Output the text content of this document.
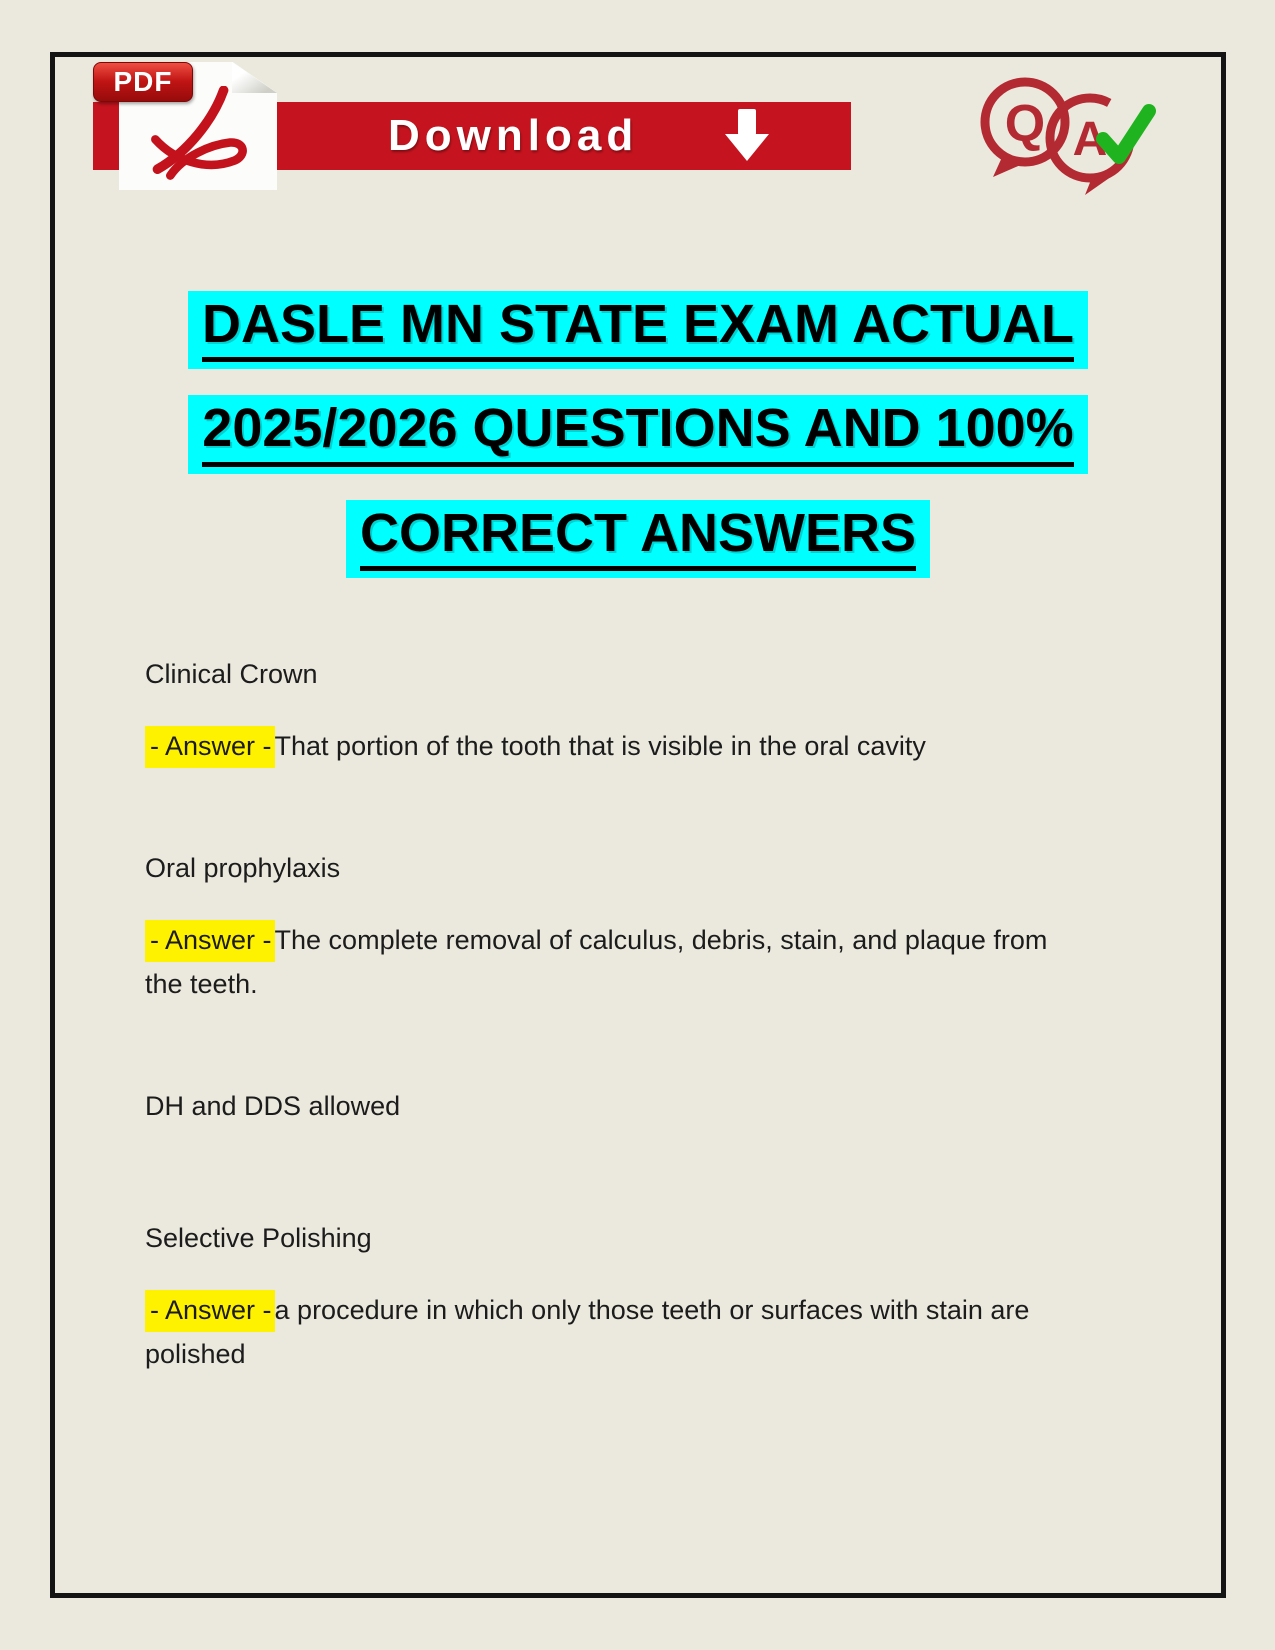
Download
PDF
A
Q
DASLE MN STATE EXAM ACTUAL
2025/2026 QUESTIONS AND 100%
CORRECT ANSWERS

Clinical Crown

- Answer - That portion of the tooth that is visible in the oral cavity

Oral prophylaxis

- Answer - The complete removal of calculus, debris, stain, and plaque from the teeth.

DH and DDS allowed

Selective Polishing

- Answer - a procedure in which only those teeth or surfaces with stain are polished
